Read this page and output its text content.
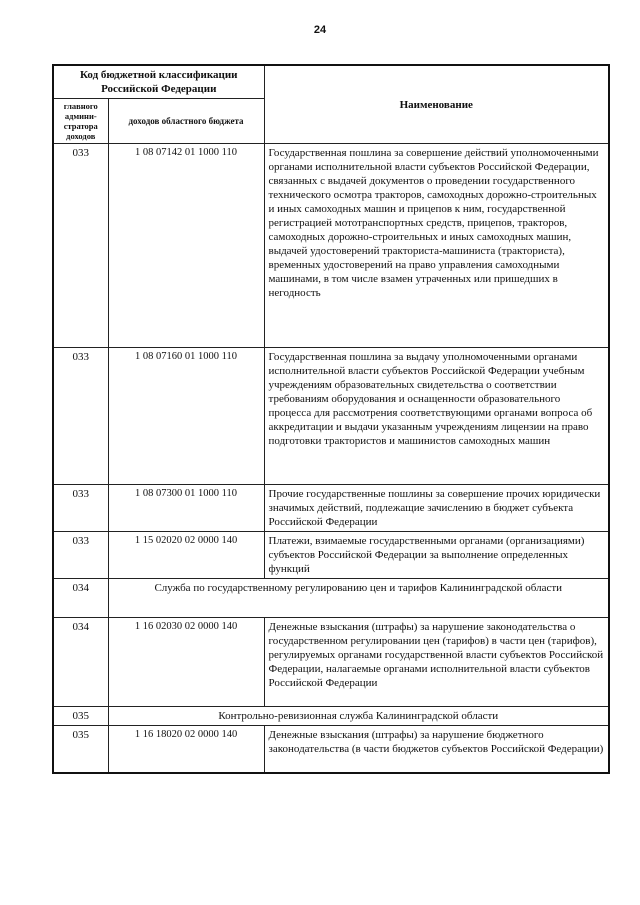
24
Код бюджетной классификации Российской Федерации		Наименование
главного админи-стратора доходов	доходов областного бюджета	
033	1 08 07142 01 1000 110	Государственная пошлина за совершение действий уполномоченными органами исполнительной власти субъектов Российской Федерации, связанных с выдачей документов о проведении государственного технического осмотра тракторов, самоходных дорожно-строительных и иных самоходных машин и прицепов к ним, государственной регистрацией мототранспортных средств, прицепов, тракторов, самоходных дорожно-строительных и иных самоходных машин, выдачей удостоверений тракториста-машиниста (тракториста), временных удостоверений на право управления самоходными машинами, в том числе взамен утраченных или пришедших в негодность
033	1 08 07160 01 1000 110	Государственная пошлина за выдачу уполномоченными органами исполнительной власти субъектов Российской Федерации учебным учреждениям образовательных свидетельства о соответствии требованиям оборудования и оснащенности образовательного процесса для рассмотрения соответствующими органами вопроса об аккредитации и выдачи указанным учреждениям лицензии на право подготовки трактористов и машинистов самоходных машин
033	1 08 07300 01 1000 110	Прочие государственные пошлины за совершение прочих юридически значимых действий, подлежащие зачислению в бюджет субъекта Российской Федерации
033	1 15 02020 02 0000 140	Платежи, взимаемые государственными органами (организациями) субъектов Российской Федерации за выполнение определенных функций
034	Служба по государственному регулированию цен и тарифов Калининградской области	
034	1 16 02030 02 0000 140	Денежные взыскания (штрафы) за нарушение законодательства о государственном регулировании цен (тарифов) в части цен (тарифов), регулируемых органами государственной власти субъектов Российской Федерации, налагаемые органами исполнительной власти субъектов Российской Федерации
035	Контрольно-ревизионная служба Калининградской области	
035	1 16 18020 02 0000 140	Денежные взыскания (штрафы) за нарушение бюджетного законодательства (в части бюджетов субъектов Российской Федерации)
